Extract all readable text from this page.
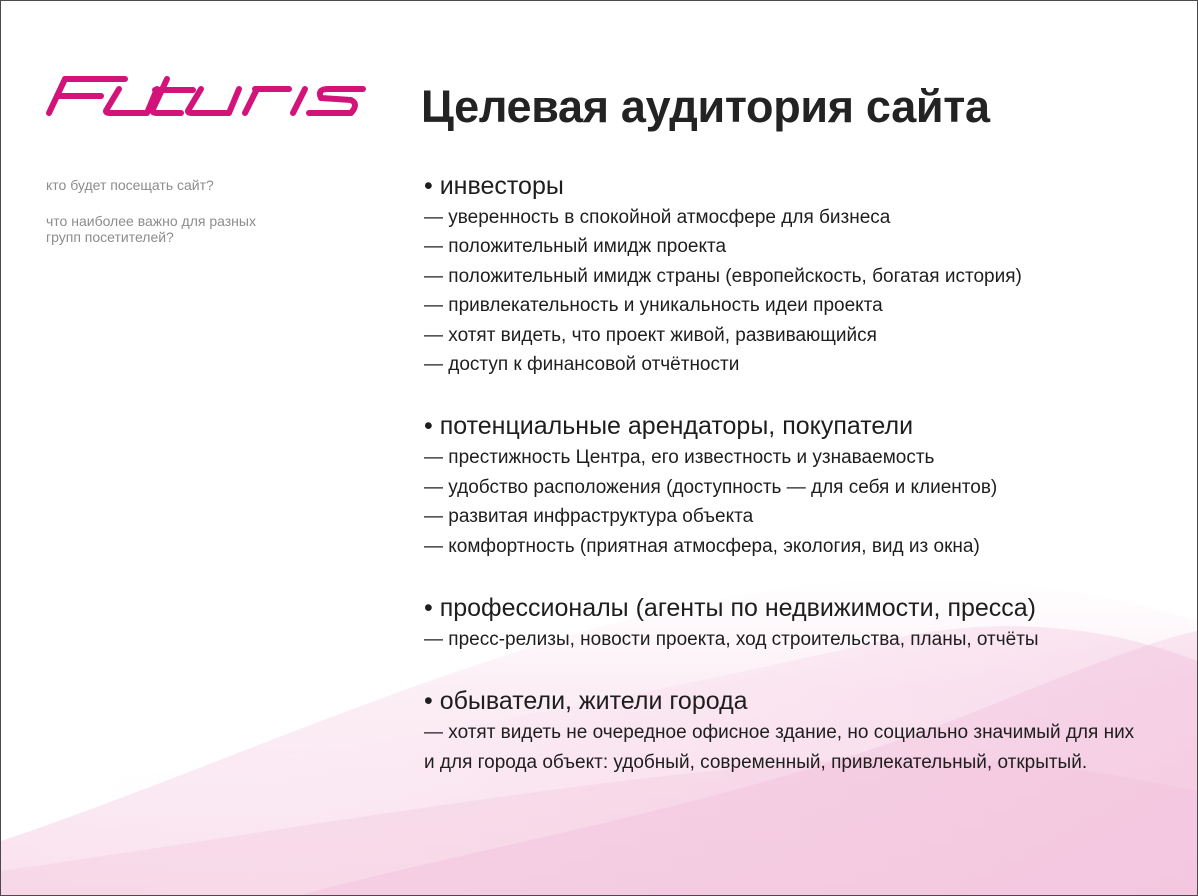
кто будет посещать сайт?

что наиболее важно для разных групп посетителей?

Целевая аудитория сайта

• инвесторы

— уверенность в спокойной атмосфере для бизнеса
— положительный имидж проекта
— положительный имидж страны (европейскость, богатая история)
— привлекательность и уникальность идеи проекта
— хотят видеть, что проект живой, развивающийся
— доступ к финансовой отчётности

• потенциальные арендаторы, покупатели

— престижность Центра, его известность и узнаваемость
— удобство расположения (доступность — для себя и клиентов)
— развитая инфраструктура объекта
— комфортность (приятная атмосфера, экология, вид из окна)

• профессионалы (агенты по недвижимости, пресса)

— пресс-релизы, новости проекта, ход строительства, планы, отчёты

• обыватели, жители города

— хотят видеть не очередное офисное здание, но социально значимый для них и для города объект: удобный, современный, привлекательный, открытый.
